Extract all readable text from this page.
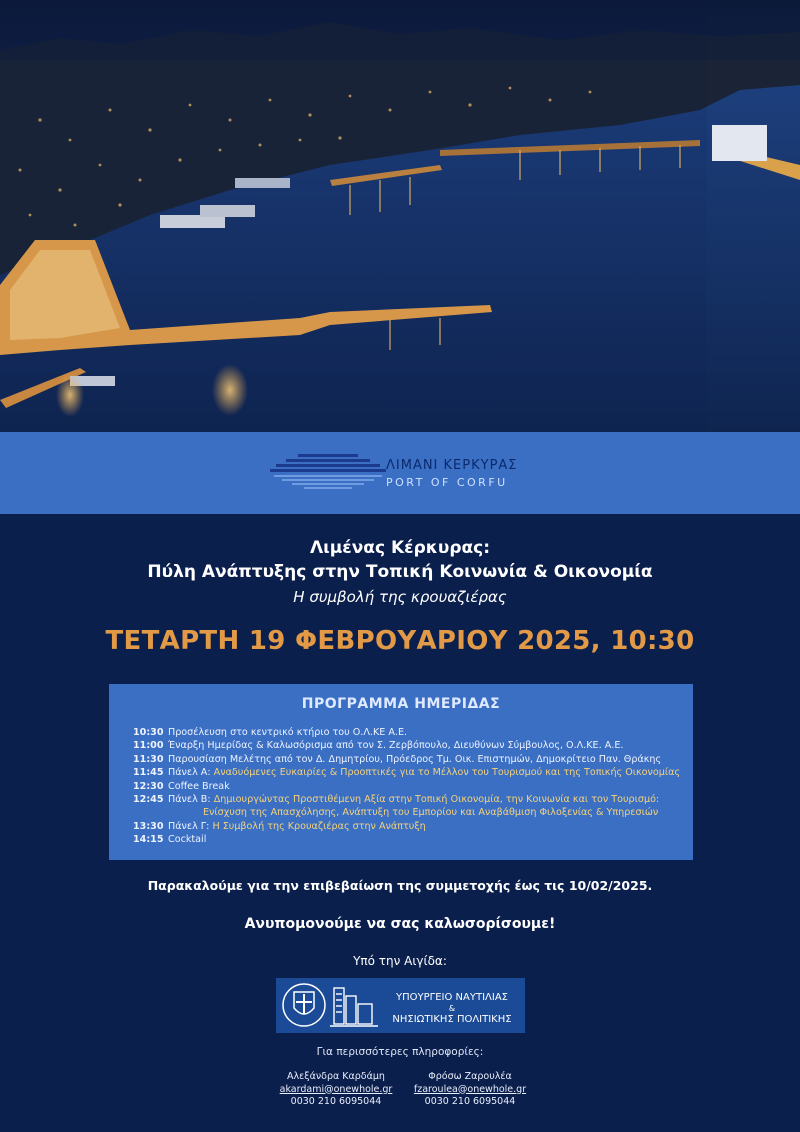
ΛΙΜΑΝΙ ΚΕΡΚΥΡΑΣ
PORT OF CORFU
Λιμένας Κέρκυρας:
Πύλη Ανάπτυξης στην Τοπική Κοινωνία & Οικονομία
Η συμβολή της κρουαζιέρας
ΤΕΤΑΡΤΗ 19 ΦΕΒΡΟΥΑΡΙΟΥ 2025, 10:30
ΠΡΟΓΡΑΜΜΑ ΗΜΕΡΙΔΑΣ
10:30 Προσέλευση στο κεντρικό κτήριο του Ο.Λ.ΚΕ Α.Ε.
11:00 Έναρξη Ημερίδας & Καλωσόρισμα από τον Σ. Ζερβόπουλο, Διευθύνων Σύμβουλος, Ο.Λ.ΚΕ. Α.Ε.
11:30 Παρουσίαση Μελέτης από τον Δ. Δημητρίου, Πρόεδρος Τμ. Οικ. Επιστημών, Δημοκρίτειο Παν. Θράκης
11:45 Πάνελ Α: Αναδυόμενες Ευκαιρίες & Προοπτικές για το Μέλλον του Τουρισμού και της Τοπικής Οικονομίας
12:30 Coffee Break
12:45 Πάνελ Β: Δημιουργώντας Προστιθέμενη Αξία στην Τοπική Οικονομία, την Κοινωνία και τον Τουρισμό:
Ενίσχυση της Απασχόλησης, Ανάπτυξη του Εμπορίου και Αναβάθμιση Φιλοξενίας & Υπηρεσιών
13:30 Πάνελ Γ: Η Συμβολή της Κρουαζιέρας στην Ανάπτυξη
14:15 Cocktail
Παρακαλούμε για την επιβεβαίωση της συμμετοχής έως τις 10/02/2025.
Ανυπομονούμε να σας καλωσορίσουμε!
Υπό την Αιγίδα:
ΥΠΟΥΡΓΕΙΟ ΝΑΥΤΙΛΙΑΣ
&
ΝΗΣΙΩΤΙΚΗΣ ΠΟΛΙΤΙΚΗΣ
Για περισσότερες πληροφορίες:
Αλεξάνδρα Καρδάμη
akardami@onewhole.gr
0030 210 6095044
Φρόσω Ζαρουλέα
fzaroulea@onewhole.gr
0030 210 6095044
